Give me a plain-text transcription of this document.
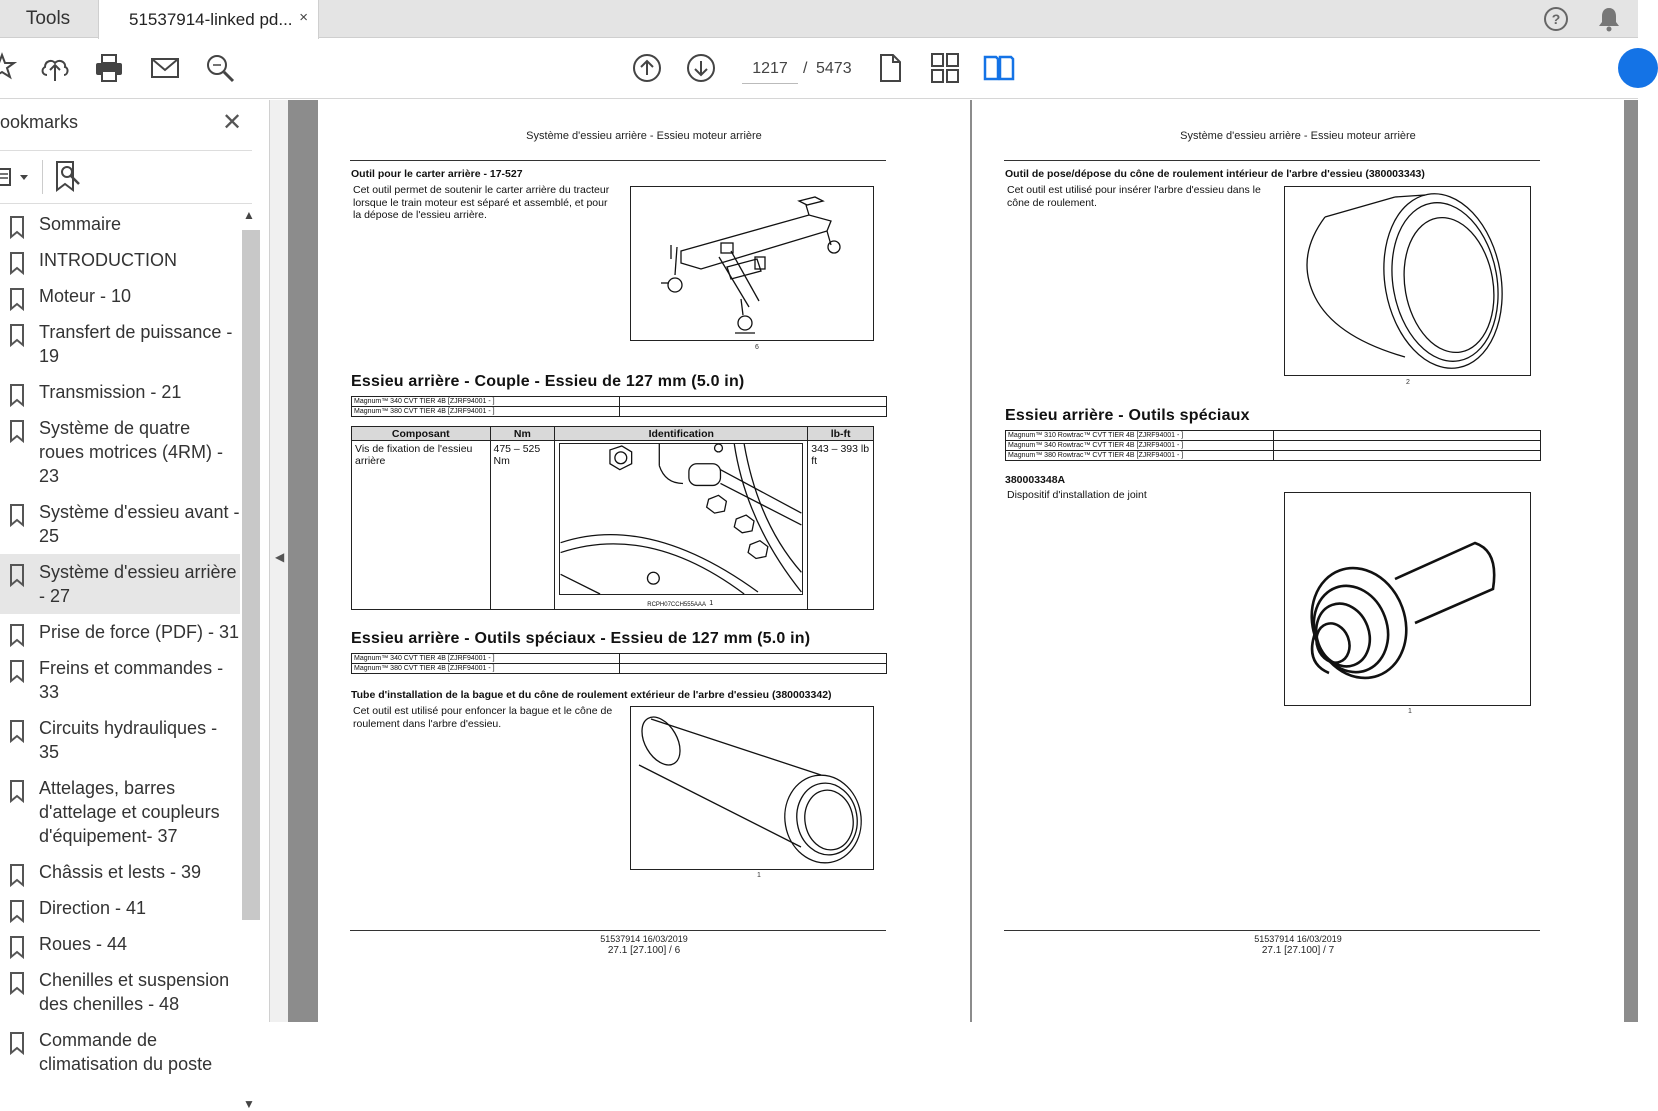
Tools	51537914-linked pd... ×	?
1217 / 5473
ookmarks	✕
Sommaire
INTRODUCTION
Moteur - 10
Transfert de puissance - 19
Transmission - 21
Système de quatre roues motrices (4RM) - 23
Système d'essieu avant - 25
Système d'essieu arrière - 27
Prise de force (PDF) - 31
Freins et commandes - 33
Circuits hydrauliques - 35
Attelages, barres d'attelage et coupleurs d'équipement- 37
Châssis et lests - 39
Direction - 41
Roues - 44
Chenilles et suspension des chenilles - 48
Commande de climatisation du poste
▲
▼
◀
Système d'essieu arrière - Essieu moteur arrière
Outil pour le carter arrière - 17-527
Cet outil permet de soutenir le carter arrière du tracteur lorsque le train moteur est séparé et assemblé, et pour la dépose de l'essieu arrière.
6
Essieu arrière - Couple - Essieu de 127 mm (5.0 in)
Magnum™ 340 CVT TIER 4B [ZJRF94001 - ]	
Magnum™ 380 CVT TIER 4B [ZJRF94001 - ]	
Composant	Nm	Identification	lb-ft
Vis de fixation de l'essieu arrière	475 – 525 Nm	RCPH07CCH555AAA 1	343 – 393 lb ft
Essieu arrière - Outils spéciaux - Essieu de 127 mm (5.0 in)
Magnum™ 340 CVT TIER 4B [ZJRF94001 - ]	
Magnum™ 380 CVT TIER 4B [ZJRF94001 - ]	
Tube d'installation de la bague et du cône de roulement extérieur de l'arbre d'essieu (380003342)
Cet outil est utilisé pour enfoncer la bague et le cône de roulement dans l'arbre d'essieu.
1
51537914 16/03/2019
27.1 [27.100] / 6
Système d'essieu arrière - Essieu moteur arrière
Outil de pose/dépose du cône de roulement intérieur de l'arbre d'essieu (380003343)
Cet outil est utilisé pour insérer l'arbre d'essieu dans le cône de roulement.
2
Essieu arrière - Outils spéciaux
Magnum™ 310 Rowtrac™ CVT TIER 4B [ZJRF94001 - ]	
Magnum™ 340 Rowtrac™ CVT TIER 4B [ZJRF94001 - ]	
Magnum™ 380 Rowtrac™ CVT TIER 4B [ZJRF94001 - ]	
380003348A
Dispositif d'installation de joint
1
51537914 16/03/2019
27.1 [27.100] / 7
